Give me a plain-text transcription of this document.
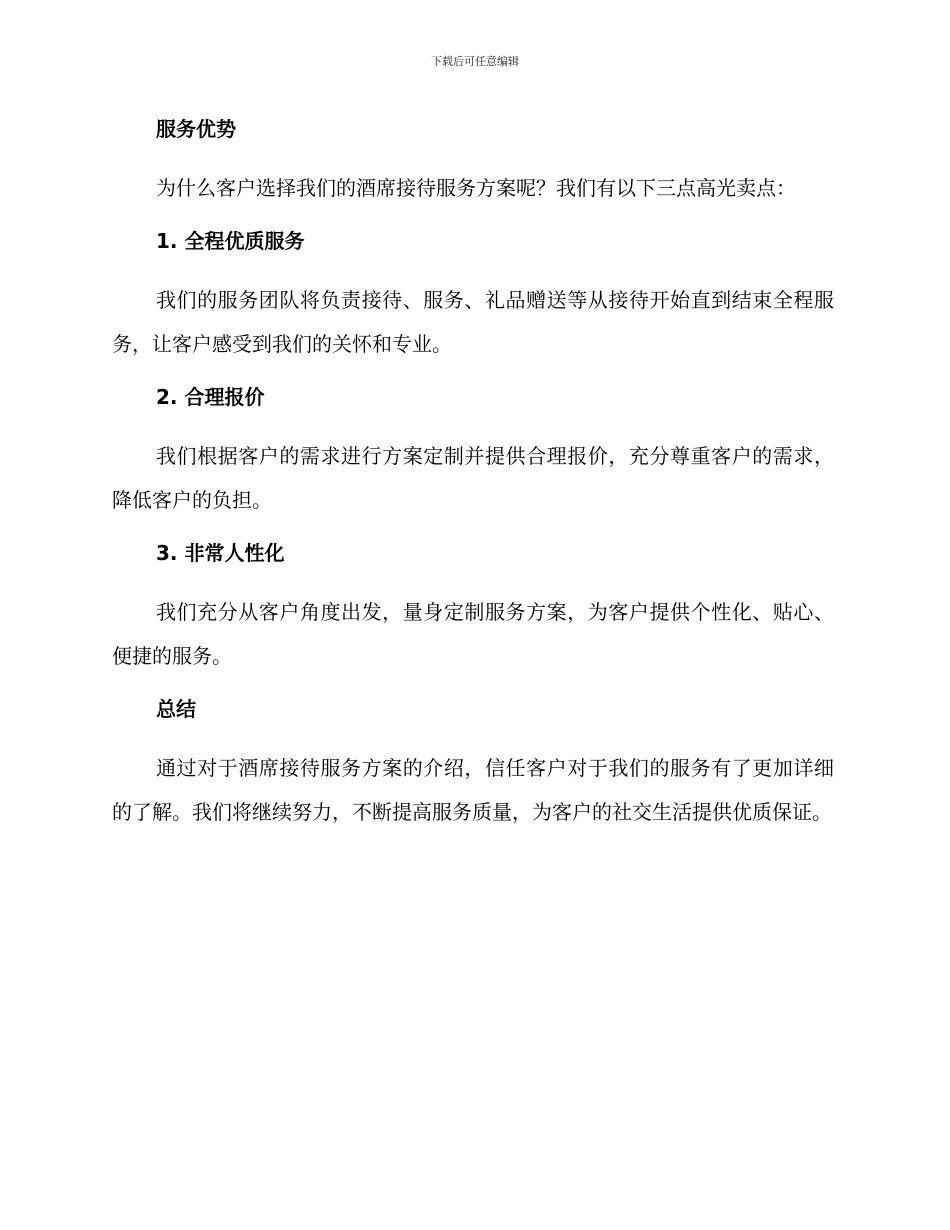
下载后可任意编辑
服务优势

为什么客户选择我们的酒席接待服务方案呢？我们有以下三点高光卖点：

1. 全程优质服务

我们的服务团队将负责接待、服务、礼品赠送等从接待开始直到结束全程服务，让客户感受到我们的关怀和专业。

2. 合理报价

我们根据客户的需求进行方案定制并提供合理报价，充分尊重客户的需求，降低客户的负担。

3. 非常人性化

我们充分从客户角度出发，量身定制服务方案，为客户提供个性化、贴心、便捷的服务。

总结

通过对于酒席接待服务方案的介绍，信任客户对于我们的服务有了更加详细的了解。我们将继续努力，不断提高服务质量，为客户的社交生活提供优质保证。
